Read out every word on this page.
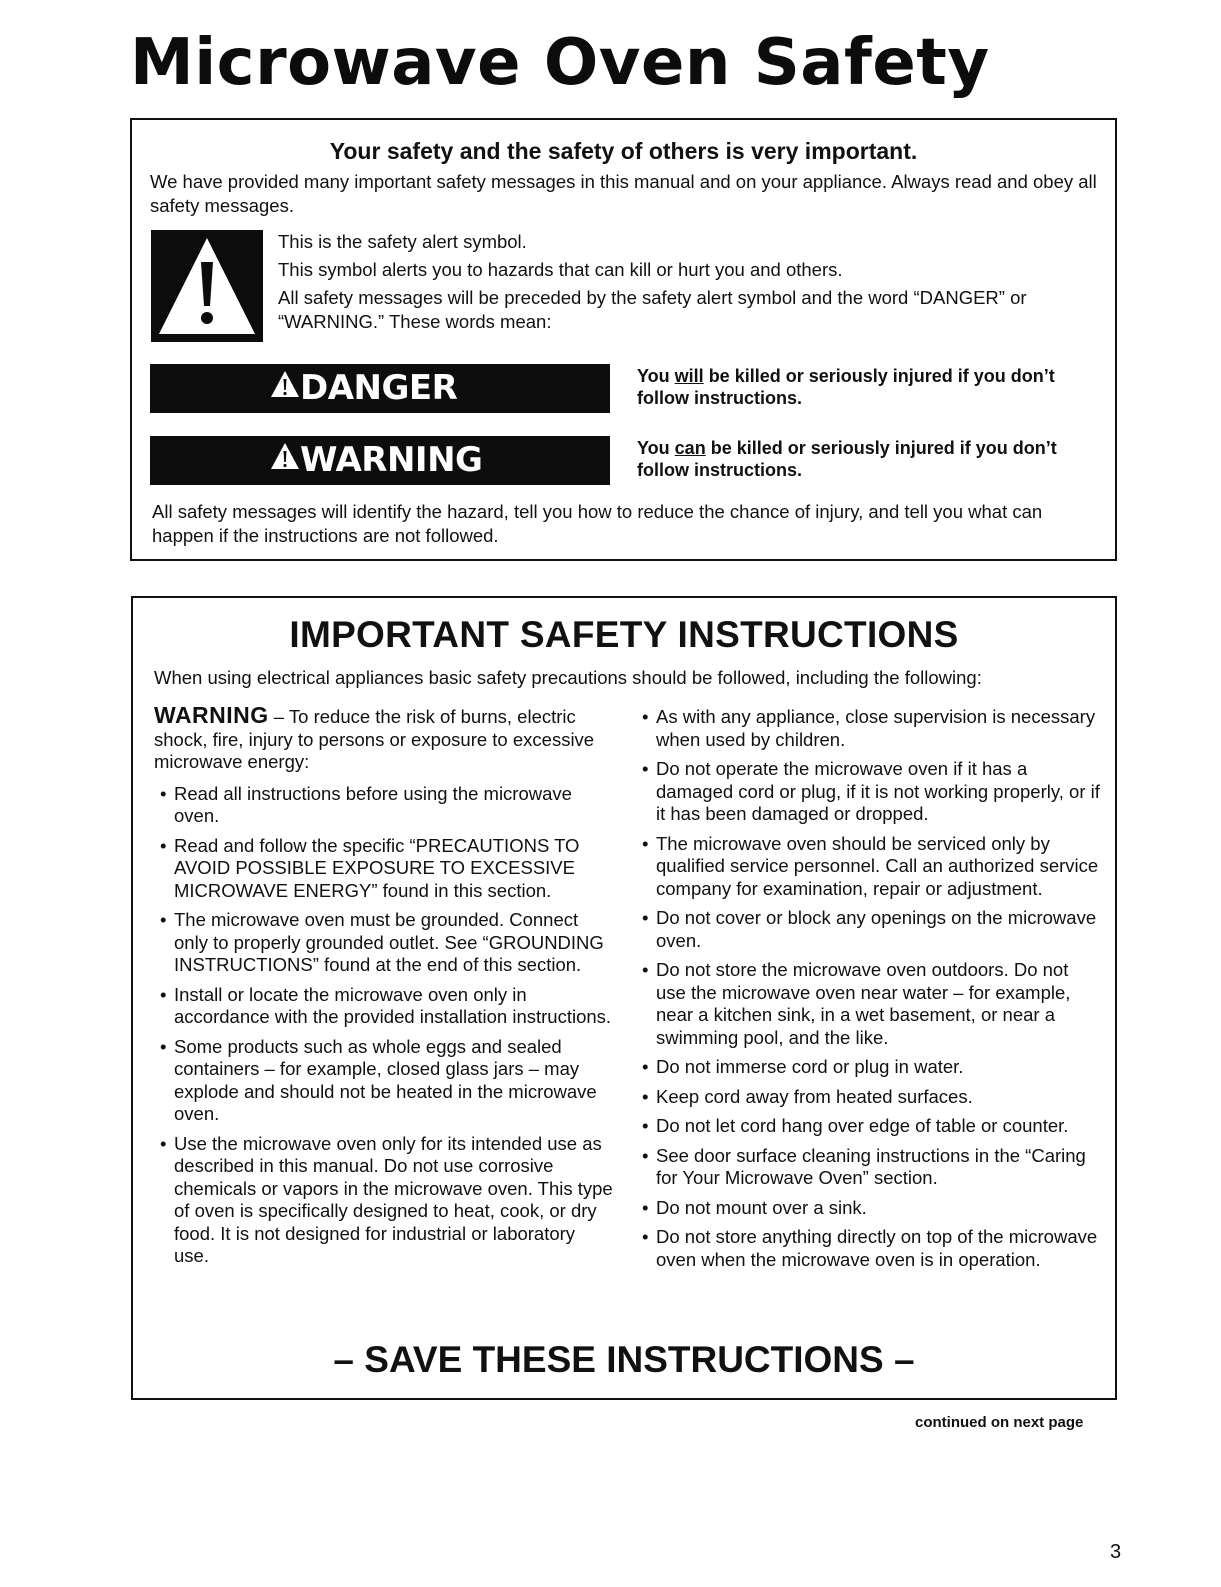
Microwave Oven Safety
Your safety and the safety of others is very important.
We have provided many important safety messages in this manual and on your appliance. Always read and obey all safety messages.
This is the safety alert symbol.
This symbol alerts you to hazards that can kill or hurt you and others.
All safety messages will be preceded by the safety alert symbol and the word “DANGER” or “WARNING.” These words mean:
DANGER	You will be killed or seriously injured if you don’t follow instructions.
WARNING	You can be killed or seriously injured if you don’t follow instructions.
All safety messages will identify the hazard, tell you how to reduce the chance of injury, and tell you what can happen if the instructions are not followed.
IMPORTANT SAFETY INSTRUCTIONS
When using electrical appliances basic safety precautions should be followed, including the following:
WARNING – To reduce the risk of burns, electric shock, fire, injury to persons or exposure to excessive microwave energy:
• Read all instructions before using the microwave oven.
• Read and follow the specific “PRECAUTIONS TO AVOID POSSIBLE EXPOSURE TO EXCESSIVE MICROWAVE ENERGY” found in this section.
• The microwave oven must be grounded. Connect only to properly grounded outlet. See “GROUNDING INSTRUCTIONS” found at the end of this section.
• Install or locate the microwave oven only in accordance with the provided installation instructions.
• Some products such as whole eggs and sealed containers – for example, closed glass jars – may explode and should not be heated in the microwave oven.
• Use the microwave oven only for its intended use as described in this manual. Do not use corrosive chemicals or vapors in the microwave oven. This type of oven is specifically designed to heat, cook, or dry food. It is not designed for industrial or laboratory use.
• As with any appliance, close supervision is necessary when used by children.
• Do not operate the microwave oven if it has a damaged cord or plug, if it is not working properly, or if it has been damaged or dropped.
• The microwave oven should be serviced only by qualified service personnel. Call an authorized service company for examination, repair or adjustment.
• Do not cover or block any openings on the microwave oven.
• Do not store the microwave oven outdoors. Do not use the microwave oven near water – for example, near a kitchen sink, in a wet basement, or near a swimming pool, and the like.
• Do not immerse cord or plug in water.
• Keep cord away from heated surfaces.
• Do not let cord hang over edge of table or counter.
• See door surface cleaning instructions in the “Caring for Your Microwave Oven” section.
• Do not mount over a sink.
• Do not store anything directly on top of the microwave oven when the microwave oven is in operation.
– SAVE THESE INSTRUCTIONS –
continued on next page
3
